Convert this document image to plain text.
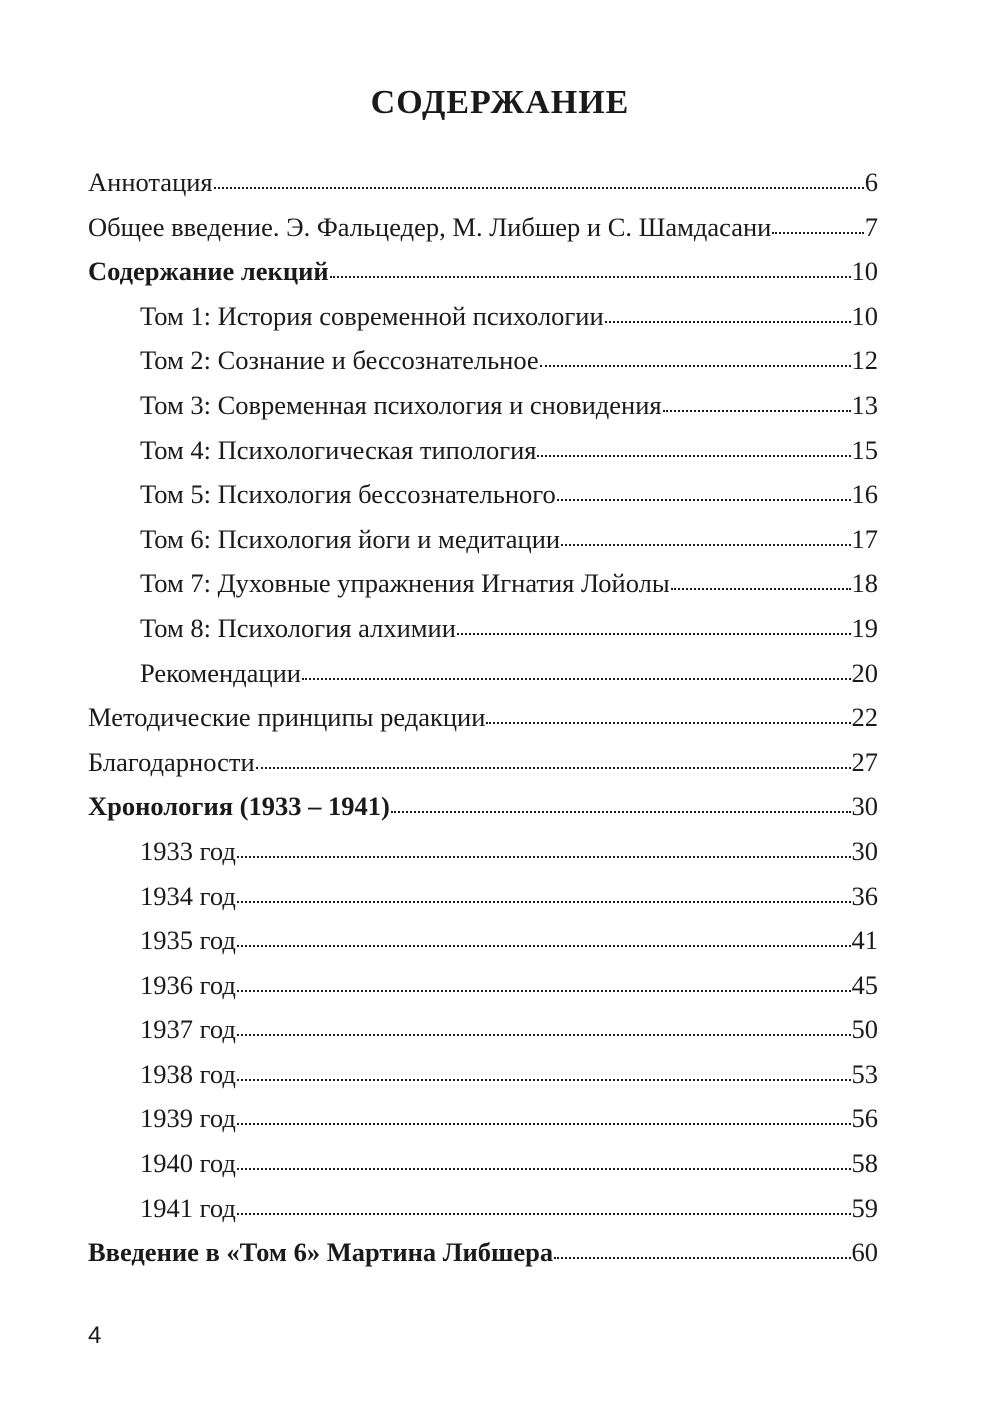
СОДЕРЖАНИЕ
Аннотация	6
Общее введение. Э. Фальцедер, М. Либшер и С. Шамдасани	7
Содержание лекций	10
Том 1: История современной психологии	10
Том 2: Сознание и бессознательное	12
Том 3: Современная психология и сновидения	13
Том 4: Психологическая типология	15
Том 5: Психология бессознательного	16
Том 6: Психология йоги и медитации	17
Том 7: Духовные упражнения Игнатия Лойолы	18
Том 8: Психология алхимии	19
Рекомендации	20
Методические принципы редакции	22
Благодарности	27
Хронология (1933 – 1941)	30
1933 год	30
1934 год	36
1935 год	41
1936 год	45
1937 год	50
1938 год	53
1939 год	56
1940 год	58
1941 год	59
Введение в «Том 6» Мартина Либшера	60
4
